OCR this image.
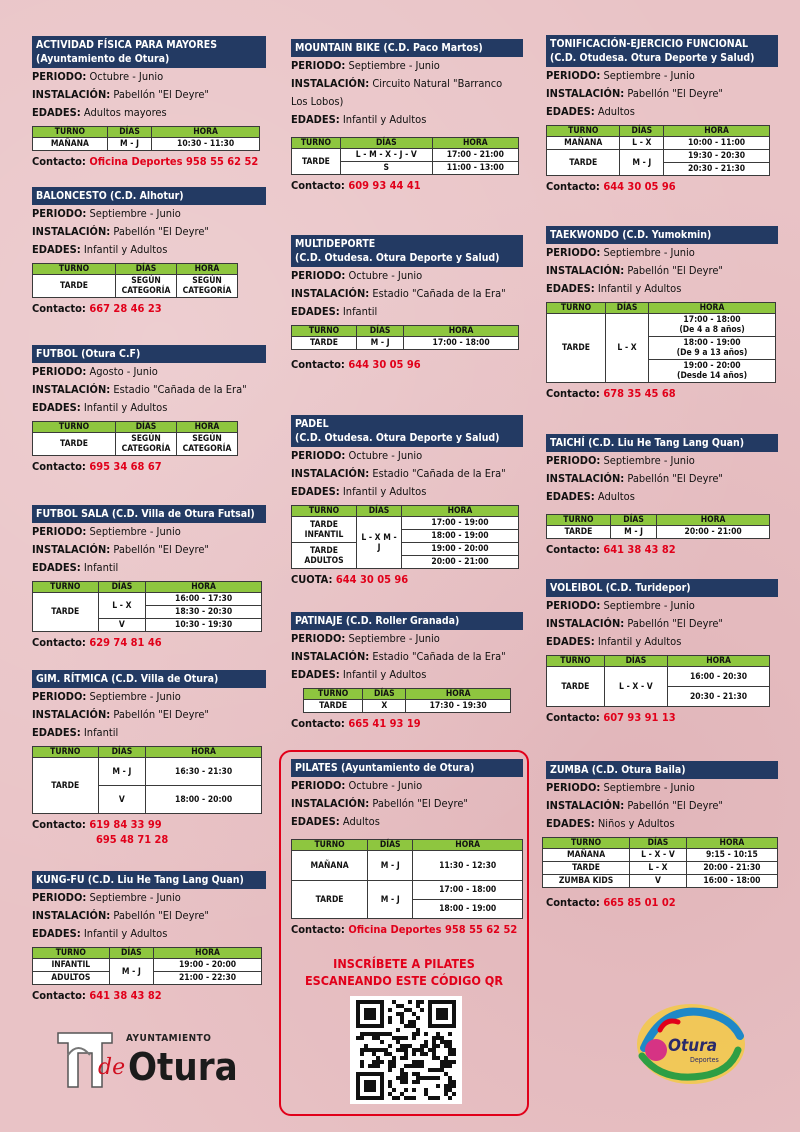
ACTIVIDAD FÍSICA PARA MAYORES
(Ayuntamiento de Otura)
PERIODO: Octubre - Junio
INSTALACIÓN: Pabellón "El Deyre"
EDADES: Adultos mayores
TURNO	DÍAS	HORA
MAÑANA	M - J	10:30 - 11:30
Contacto: Oficina Deportes 958 55 62 52
BALONCESTO (C.D. Alhotur)
PERIODO: Septiembre - Junio
INSTALACIÓN: Pabellón "El Deyre"
EDADES: Infantil y Adultos
TURNO	DÍAS	HORA
TARDE	SEGÚN CATEGORÍA	SEGÚN CATEGORÍA
Contacto: 667 28 46 23
FUTBOL (Otura C.F)
PERIODO: Agosto - Junio
INSTALACIÓN: Estadio "Cañada de la Era"
EDADES: Infantil y Adultos
TURNO	DÍAS	HORA
TARDE	SEGÚN CATEGORÍA	SEGÚN CATEGORÍA
Contacto: 695 34 68 67
FUTBOL SALA (C.D. Villa de Otura Futsal)
PERIODO: Septiembre - Junio
INSTALACIÓN: Pabellón "El Deyre"
EDADES: Infantil
TURNO	DÍAS	HORA
TARDE	L - X	16:00 - 17:30
		18:30 - 20:30
	V	10:30 - 19:30
Contacto: 629 74 81 46
GIM. RÍTMICA (C.D. Villa de Otura)
PERIODO: Septiembre - Junio
INSTALACIÓN: Pabellón "El Deyre"
EDADES: Infantil
TURNO	DÍAS	HORA
TARDE	M - J	16:30 - 21:30
	V	18:00 - 20:00
Contacto: 619 84 33 99
695 48 71 28
KUNG-FU (C.D. Liu He Tang Lang Quan)
PERIODO: Septiembre - Junio
INSTALACIÓN: Pabellón "El Deyre"
EDADES: Infantil y Adultos
TURNO	DÍAS	HORA
INFANTIL	M - J	19:00 - 20:00
ADULTOS		21:00 - 22:30
Contacto: 641 38 43 82
AYUNTAMIENTO
de Otura
MOUNTAIN BIKE (C.D. Paco Martos)
PERIODO: Septiembre - Junio
INSTALACIÓN: Circuito Natural "Barranco
Los Lobos)
EDADES: Infantil y Adultos
TURNO	DÍAS	HORA
TARDE	L - M - X - J - V	17:00 - 21:00
	S	11:00 - 13:00
Contacto: 609 93 44 41
MULTIDEPORTE
(C.D. Otudesa. Otura Deporte y Salud)
PERIODO: Octubre - Junio
INSTALACIÓN: Estadio "Cañada de la Era"
EDADES: Infantil
TURNO	DÍAS	HORA
TARDE	M - J	17:00 - 18:00
Contacto: 644 30 05 96
PADEL
(C.D. Otudesa. Otura Deporte y Salud)
PERIODO: Octubre - Junio
INSTALACIÓN: Estadio "Cañada de la Era"
EDADES: Infantil y Adultos
TURNO	DÍAS	HORA
TARDE INFANTIL	L - X M - J	17:00 - 19:00
		18:00 - 19:00
TARDE ADULTOS		19:00 - 20:00
		20:00 - 21:00
CUOTA: 644 30 05 96
PATINAJE (C.D. Roller Granada)
PERIODO: Septiembre - Junio
INSTALACIÓN: Estadio "Cañada de la Era"
EDADES: Infantil y Adultos
TURNO	DÍAS	HORA
TARDE	X	17:30 - 19:30
Contacto: 665 41 93 19
PILATES (Ayuntamiento de Otura)
PERIODO: Octubre - Junio
INSTALACIÓN: Pabellón "El Deyre"
EDADES: Adultos
TURNO	DÍAS	HORA
MAÑANA	M - J	11:30 - 12:30
TARDE	M - J	17:00 - 18:00
		18:00 - 19:00
Contacto: Oficina Deportes 958 55 62 52
INSCRÍBETE A PILATES
ESCANEANDO ESTE CÓDIGO QR
TONIFICACIÓN-EJERCICIO FUNCIONAL
(C.D. Otudesa. Otura Deporte y Salud)
PERIODO: Septiembre - Junio
INSTALACIÓN: Pabellón "El Deyre"
EDADES: Adultos
TURNO	DÍAS	HORA
MAÑANA	L - X	10:00 - 11:00
TARDE	M - J	19:30 - 20:30
		20:30 - 21:30
Contacto: 644 30 05 96
TAEKWONDO (C.D. Yumokmin)
PERIODO: Septiembre - Junio
INSTALACIÓN: Pabellón "El Deyre"
EDADES: Infantil y Adultos
TURNO	DÍAS	HORA
TARDE	L - X	17:00 - 18:00
(De 4 a 8 años)

		18:00 - 19:00
(De 9 a 13 años)

		19:00 - 20:00
(Desde 14 años)
Contacto: 678 35 45 68
TAICHÍ (C.D. Liu He Tang Lang Quan)
PERIODO: Septiembre - Junio
INSTALACIÓN: Pabellón "El Deyre"
EDADES: Adultos
TURNO	DÍAS	HORA
TARDE	M - J	20:00 - 21:00
Contacto: 641 38 43 82
VOLEIBOL (C.D. Turidepor)
PERIODO: Septiembre - Junio
INSTALACIÓN: Pabellón "El Deyre"
EDADES: Infantil y Adultos
TURNO	DÍAS	HORA
TARDE	L - X - V	16:00 - 20:30
		20:30 - 21:30
Contacto: 607 93 91 13
ZUMBA (C.D. Otura Baila)
PERIODO: Septiembre - Junio
INSTALACIÓN: Pabellón "El Deyre"
EDADES: Niños y Adultos
TURNO	DÍAS	HORA
MAÑANA	L - X - V	9:15 - 10:15
TARDE	L - X	20:00 - 21:30
ZUMBA KIDS	V	16:00 - 18:00
Contacto: 665 85 01 02
Otura
Deportes
